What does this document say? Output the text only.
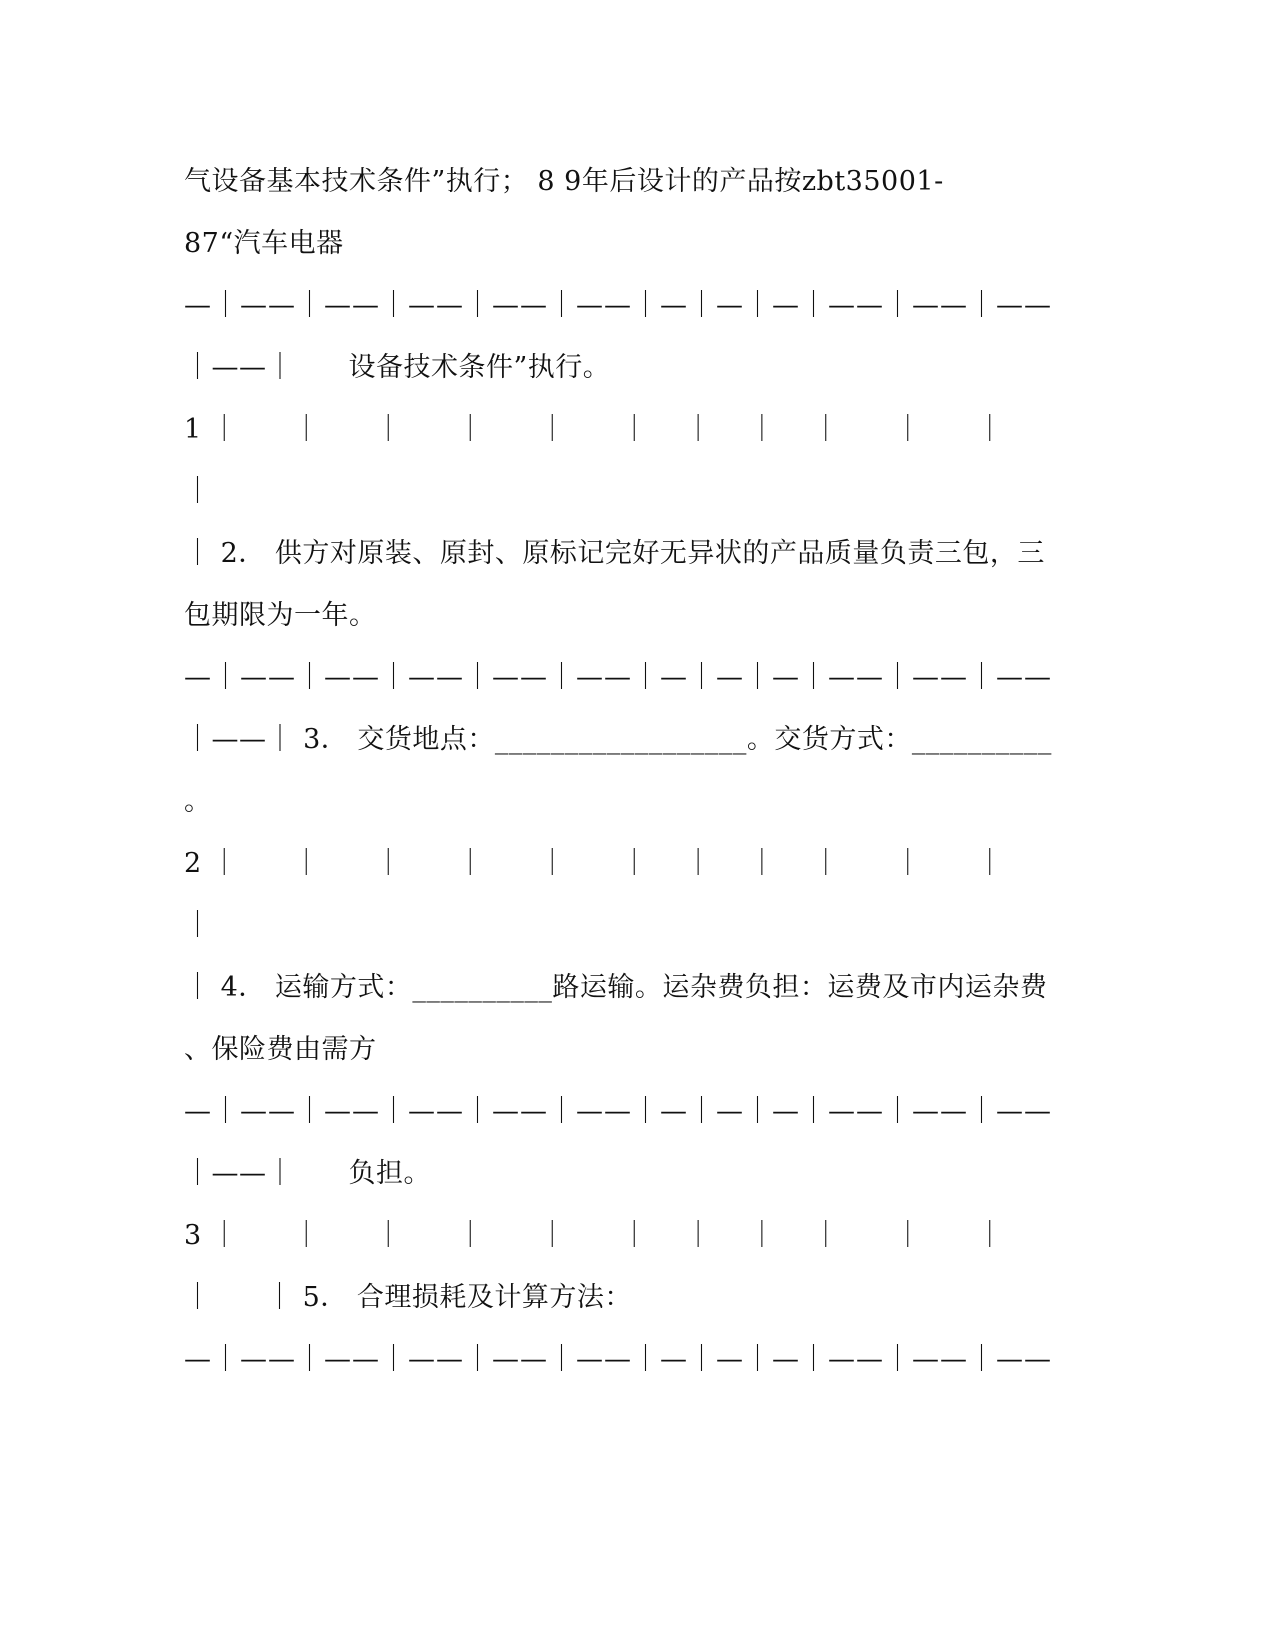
气设备基本技术条件”执行； 8 9年后设计的产品按zbt35001-
87“汽车电器
—｜——｜——｜——｜——｜——｜—｜—｜—｜——｜——｜——
｜——｜      设备技术条件”执行。
1 ｜      ｜      ｜      ｜      ｜      ｜    ｜    ｜    ｜      ｜      ｜
｜
｜ 2． 供方对原装、原封、原标记完好无异状的产品质量负责三包，三
包期限为一年。
—｜——｜——｜——｜——｜——｜—｜—｜—｜——｜——｜——
｜——｜ 3． 交货地点：__________________。交货方式：__________
。
2 ｜      ｜      ｜      ｜      ｜      ｜    ｜    ｜    ｜      ｜      ｜
｜
｜ 4． 运输方式：__________路运输。运杂费负担：运费及市内运杂费
、保险费由需方
—｜——｜——｜——｜——｜——｜—｜—｜—｜——｜——｜——
｜——｜      负担。
3 ｜      ｜      ｜      ｜      ｜      ｜    ｜    ｜    ｜      ｜      ｜
｜      ｜ 5． 合理损耗及计算方法：
—｜——｜——｜——｜——｜——｜—｜—｜—｜——｜——｜——
